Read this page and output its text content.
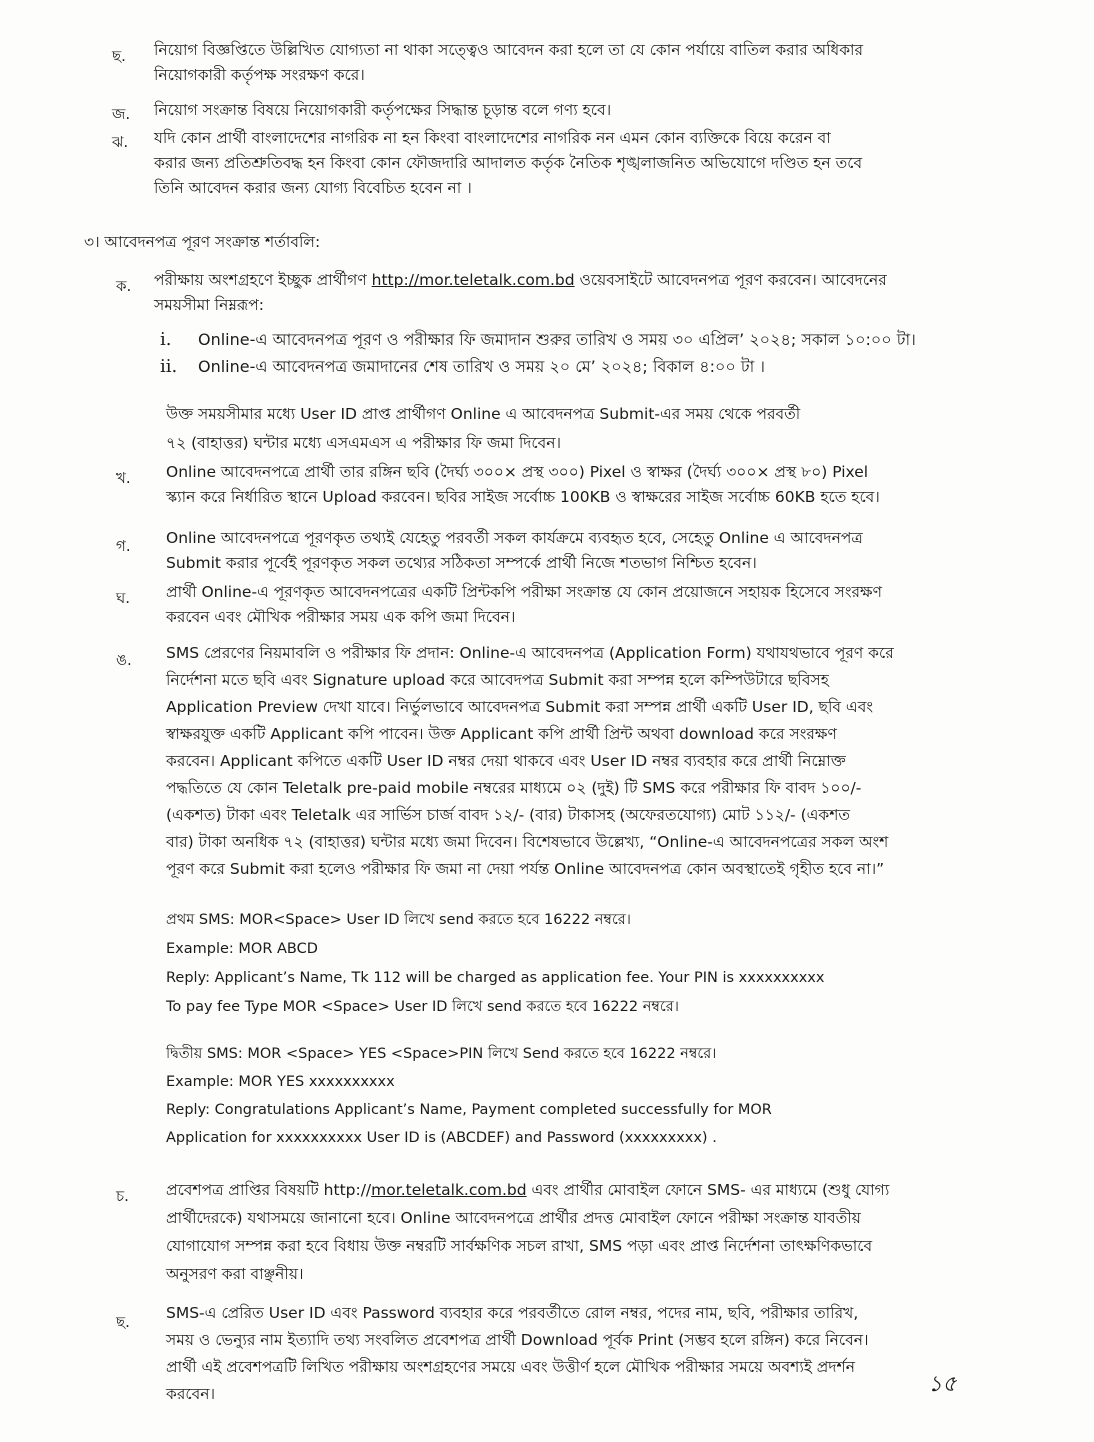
ছ. নিয়োগ বিজ্ঞপ্তিতে উল্লিখিত যোগ্যতা না থাকা সত্ত্বেও আবেদন করা হলে তা যে কোন পর্যায়ে বাতিল করার অধিকার
নিয়োগকারী কর্তৃপক্ষ সংরক্ষণ করে।
জ. নিয়োগ সংক্রান্ত বিষয়ে নিয়োগকারী কর্তৃপক্ষের সিদ্ধান্ত চূড়ান্ত বলে গণ্য হবে।
ঝ. যদি কোন প্রার্থী বাংলাদেশের নাগরিক না হন কিংবা বাংলাদেশের নাগরিক নন এমন কোন ব্যক্তিকে বিয়ে করেন বা
করার জন্য প্রতিশ্রুতিবদ্ধ হন কিংবা কোন ফৌজদারি আদালত কর্তৃক নৈতিক শৃঙ্খলাজনিত অভিযোগে দণ্ডিত হন তবে
তিনি আবেদন করার জন্য যোগ্য বিবেচিত হবেন না ।
৩। আবেদনপত্র পূরণ সংক্রান্ত শর্তাবলি:
ক. পরীক্ষায় অংশগ্রহণে ইচ্ছুক প্রার্থীগণ http://mor.teletalk.com.bd ওয়েবসাইটে আবেদনপত্র পূরণ করবেন। আবেদনের
সময়সীমা নিম্নরূপ:
i. Online-এ আবেদনপত্র পূরণ ও পরীক্ষার ফি জমাদান শুরুর তারিখ ও সময় ৩০ এপ্রিল’ ২০২৪; সকাল ১০:০০ টা।
ii. Online-এ আবেদনপত্র জমাদানের শেষ তারিখ ও সময় ২০ মে’ ২০২৪; বিকাল ৪:০০ টা ।
উক্ত সময়সীমার মধ্যে User ID প্রাপ্ত প্রার্থীগণ Online এ আবেদনপত্র Submit-এর সময় থেকে পরবর্তী
৭২ (বাহাত্তর) ঘন্টার মধ্যে এসএমএস এ পরীক্ষার ফি জমা দিবেন।
খ. Online আবেদনপত্রে প্রার্থী তার রঙ্গিন ছবি (দৈর্ঘ্য ৩০০× প্রস্থ ৩০০) Pixel ও স্বাক্ষর (দৈর্ঘ্য ৩০০× প্রস্থ ৮০) Pixel
স্ক্যান করে নির্ধারিত স্থানে Upload করবেন। ছবির সাইজ সর্বোচ্চ 100KB ও স্বাক্ষরের সাইজ সর্বোচ্চ 60KB হতে হবে।
গ. Online আবেদনপত্রে পূরণকৃত তথ্যই যেহেতু পরবর্তী সকল কার্যক্রমে ব্যবহৃত হবে, সেহেতু Online এ আবেদনপত্র
Submit করার পূর্বেই পূরণকৃত সকল তথ্যের সঠিকতা সম্পর্কে প্রার্থী নিজে শতভাগ নিশ্চিত হবেন।
ঘ. প্রার্থী Online-এ পূরণকৃত আবেদনপত্রের একটি প্রিন্টকপি পরীক্ষা সংক্রান্ত যে কোন প্রয়োজনে সহায়ক হিসেবে সংরক্ষণ
করবেন এবং মৌখিক পরীক্ষার সময় এক কপি জমা দিবেন।
ঙ. SMS প্রেরণের নিয়মাবলি ও পরীক্ষার ফি প্রদান: Online-এ আবেদনপত্র (Application Form) যথাযথভাবে পূরণ করে
নির্দেশনা মতে ছবি এবং Signature upload করে আবেদপত্র Submit করা সম্পন্ন হলে কম্পিউটারে ছবিসহ
Application Preview দেখা যাবে। নির্ভুলভাবে আবেদনপত্র Submit করা সম্পন্ন প্রার্থী একটি User ID, ছবি এবং
স্বাক্ষরযুক্ত একটি Applicant কপি পাবেন। উক্ত Applicant কপি প্রার্থী প্রিন্ট অথবা download করে সংরক্ষণ
করবেন। Applicant কপিতে একটি User ID নম্বর দেয়া থাকবে এবং User ID নম্বর ব্যবহার করে প্রার্থী নিম্নোক্ত
পদ্ধতিতে যে কোন Teletalk pre-paid mobile নম্বরের মাধ্যমে ০২ (দুই) টি SMS করে পরীক্ষার ফি বাবদ ১০০/-
(একশত) টাকা এবং Teletalk এর সার্ভিস চার্জ বাবদ ১২/- (বার) টাকাসহ (অফেরতযোগ্য) মোট ১১২/- (একশত
বার) টাকা অনধিক ৭২ (বাহাত্তর) ঘন্টার মধ্যে জমা দিবেন। বিশেষভাবে উল্লেখ্য, “Online-এ আবেদনপত্রের সকল অংশ
পূরণ করে Submit করা হলেও পরীক্ষার ফি জমা না দেয়া পর্যন্ত Online আবেদনপত্র কোন অবস্থাতেই গৃহীত হবে না।”
প্রথম SMS: MOR<Space> User ID লিখে send করতে হবে 16222 নম্বরে।
Example: MOR ABCD
Reply: Applicant’s Name, Tk 112 will be charged as application fee. Your PIN is xxxxxxxxxx
To pay fee Type MOR <Space> User ID লিখে send করতে হবে 16222 নম্বরে।
দ্বিতীয় SMS: MOR <Space> YES <Space>PIN লিখে Send করতে হবে 16222 নম্বরে।
Example: MOR YES xxxxxxxxxx
Reply: Congratulations Applicant’s Name, Payment completed successfully for MOR
Application for xxxxxxxxxx User ID is (ABCDEF) and Password (xxxxxxxxx) .
চ. প্রবেশপত্র প্রাপ্তির বিষয়টি http://mor.teletalk.com.bd এবং প্রার্থীর মোবাইল ফোনে SMS- এর মাধ্যমে (শুধু যোগ্য
প্রার্থীদেরকে) যথাসময়ে জানানো হবে। Online আবেদনপত্রে প্রার্থীর প্রদত্ত মোবাইল ফোনে পরীক্ষা সংক্রান্ত যাবতীয়
যোগাযোগ সম্পন্ন করা হবে বিধায় উক্ত নম্বরটি সার্বক্ষণিক সচল রাখা, SMS পড়া এবং প্রাপ্ত নির্দেশনা তাৎক্ষণিকভাবে
অনুসরণ করা বাঞ্ছনীয়।
ছ. SMS-এ প্রেরিত User ID এবং Password ব্যবহার করে পরবর্তীতে রোল নম্বর, পদের নাম, ছবি, পরীক্ষার তারিখ,
সময় ও ভেন্যুর নাম ইত্যাদি তথ্য সংবলিত প্রবেশপত্র প্রার্থী Download পূর্বক Print (সম্ভব হলে রঙ্গিন) করে নিবেন।
প্রার্থী এই প্রবেশপত্রটি লিখিত পরীক্ষায় অংশগ্রহণের সময়ে এবং উত্তীর্ণ হলে মৌখিক পরীক্ষার সময়ে অবশ্যই প্রদর্শন
করবেন।	১৫
